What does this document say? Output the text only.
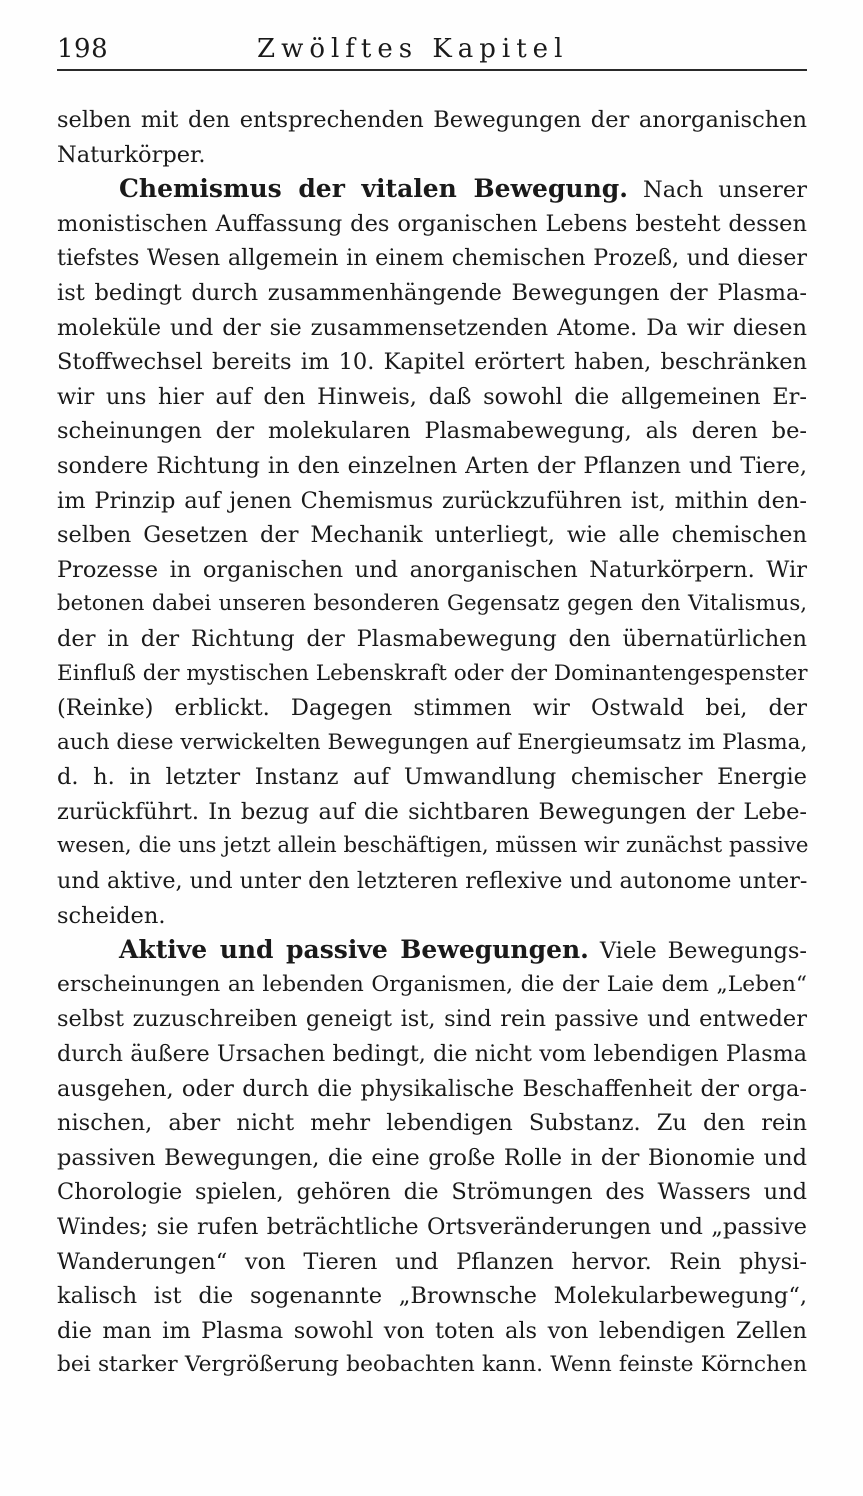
198	Zwölftes Kapitel
selben mit den entsprechenden Bewegungen der anorganischen
Naturkörper.
Chemismus der vitalen Bewegung. Nach unserer
monistischen Auffassung des organischen Lebens besteht dessen
tiefstes Wesen allgemein in einem chemischen Prozeß, und dieser
ist bedingt durch zusammenhängende Bewegungen der Plasma-
moleküle und der sie zusammensetzenden Atome. Da wir diesen
Stoffwechsel bereits im 10. Kapitel erörtert haben, beschränken
wir uns hier auf den Hinweis, daß sowohl die allgemeinen Er-
scheinungen der molekularen Plasmabewegung, als deren be-
sondere Richtung in den einzelnen Arten der Pflanzen und Tiere,
im Prinzip auf jenen Chemismus zurückzuführen ist, mithin den-
selben Gesetzen der Mechanik unterliegt, wie alle chemischen
Prozesse in organischen und anorganischen Naturkörpern. Wir
betonen dabei unseren besonderen Gegensatz gegen den Vitalismus,
der in der Richtung der Plasmabewegung den übernatürlichen
Einfluß der mystischen Lebenskraft oder der Dominantengespenster
(Reinke) erblickt. Dagegen stimmen wir Ostwald bei, der
auch diese verwickelten Bewegungen auf Energieumsatz im Plasma,
d. h. in letzter Instanz auf Umwandlung chemischer Energie
zurückführt. In bezug auf die sichtbaren Bewegungen der Lebe-
wesen, die uns jetzt allein beschäftigen, müssen wir zunächst passive
und aktive, und unter den letzteren reflexive und autonome unter-
scheiden.
Aktive und passive Bewegungen. Viele Bewegungs-
erscheinungen an lebenden Organismen, die der Laie dem „Leben“
selbst zuzuschreiben geneigt ist, sind rein passive und entweder
durch äußere Ursachen bedingt, die nicht vom lebendigen Plasma
ausgehen, oder durch die physikalische Beschaffenheit der orga-
nischen, aber nicht mehr lebendigen Substanz. Zu den rein
passiven Bewegungen, die eine große Rolle in der Bionomie und
Chorologie spielen, gehören die Strömungen des Wassers und
Windes; sie rufen beträchtliche Ortsveränderungen und „passive
Wanderungen“ von Tieren und Pflanzen hervor. Rein physi-
kalisch ist die sogenannte „Brownsche Molekularbewegung“,
die man im Plasma sowohl von toten als von lebendigen Zellen
bei starker Vergrößerung beobachten kann. Wenn feinste Körnchen
